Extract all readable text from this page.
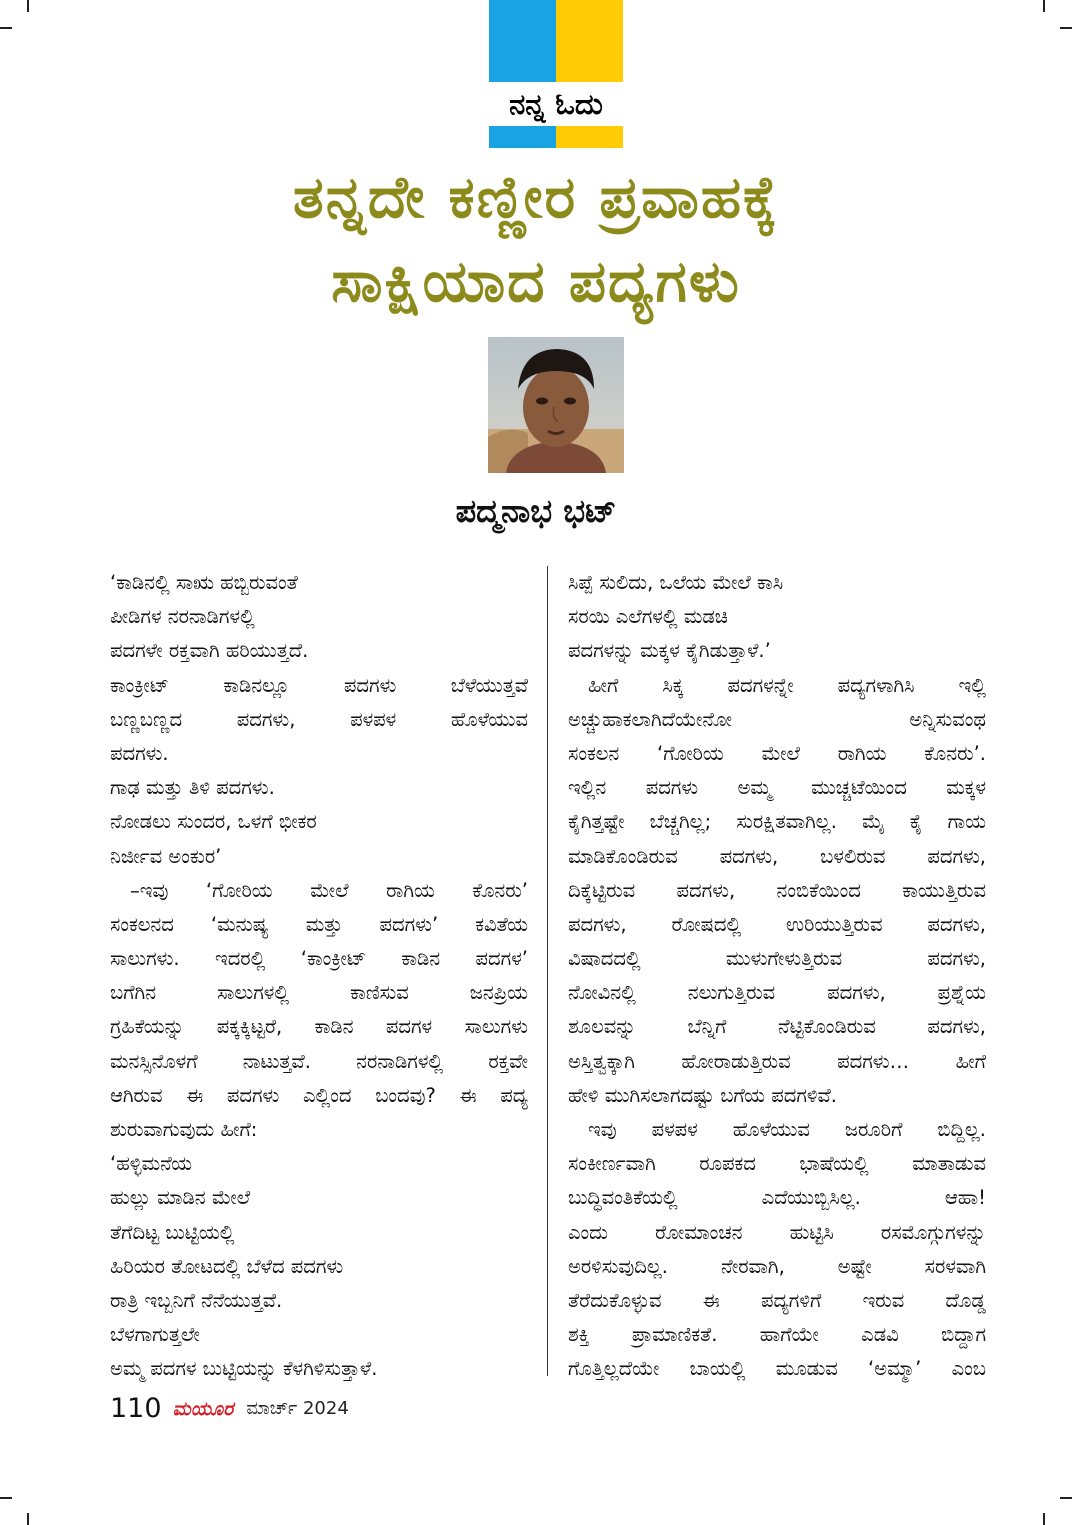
ನನ್ನ ಓದು
ತನ್ನದೇ ಕಣ್ಣೀರ ಪ್ರವಾಹಕ್ಕೆ
ಸಾಕ್ಷಿಯಾದ ಪದ್ಯಗಳು
ಪದ್ಮನಾಭ ಭಟ್
‘ಕಾಡಿನಲ್ಲಿ ಸಾಋ ಹಬ್ಬಿರುವಂತೆ
ಪೀಡಿಗಳ ನರನಾಡಿಗಳಲ್ಲಿ
ಪದಗಳೇ ರಕ್ತವಾಗಿ ಹರಿಯುತ್ತದೆ.
ಕಾಂಕ್ರೀಟ್ ಕಾಡಿನಲ್ಲೂ ಪದಗಳು ಬೆಳೆಯುತ್ತವೆ
ಬಣ್ಣಬಣ್ಣದ ಪದಗಳು, ಪಳಪಳ ಹೊಳೆಯುವ
ಪದಗಳು.
ಗಾಢ ಮತ್ತು ತಿಳಿ ಪದಗಳು.
ನೋಡಲು ಸುಂದರ, ಒಳಗೆ ಭೀಕರ
ನಿರ್ಜೀವ ಅಂಕುರ’
–ಇವು ‘ಗೋರಿಯ ಮೇಲೆ ರಾಗಿಯ ಕೊನರು’
ಸಂಕಲನದ ‘ಮನುಷ್ಯ ಮತ್ತು ಪದಗಳು’ ಕವಿತೆಯ
ಸಾಲುಗಳು. ಇದರಲ್ಲಿ ‘ಕಾಂಕ್ರೀಟ್ ಕಾಡಿನ ಪದಗಳ’
ಬಗೆಗಿನ ಸಾಲುಗಳಲ್ಲಿ ಕಾಣಿಸುವ ಜನಪ್ರಿಯ
ಗ್ರಹಿಕೆಯನ್ನು ಪಕ್ಕಕ್ಕಿಟ್ಟರೆ, ಕಾಡಿನ ಪದಗಳ ಸಾಲುಗಳು
ಮನಸ್ಸಿನೊಳಗೆ ನಾಟುತ್ತವೆ. ನರನಾಡಿಗಳಲ್ಲಿ ರಕ್ತವೇ
ಆಗಿರುವ ಈ ಪದಗಳು ಎಲ್ಲಿಂದ ಬಂದವು? ಈ ಪದ್ಯ
ಶುರುವಾಗುವುದು ಹೀಗೆ:
‘ಹಳ್ಳಿಮನೆಯ
ಹುಲ್ಲು ಮಾಡಿನ ಮೇಲೆ
ತೆಗೆದಿಟ್ಟ ಬುಟ್ಟಿಯಲ್ಲಿ
ಹಿರಿಯರ ತೋಟದಲ್ಲಿ ಬೆಳೆದ ಪದಗಳು
ರಾತ್ರಿ ಇಬ್ಬನಿಗೆ ನೆನೆಯುತ್ತವೆ.
ಬೆಳಗಾಗುತ್ತಲೇ
ಅಮ್ಮ ಪದಗಳ ಬುಟ್ಟಿಯನ್ನು ಕೆಳಗಿಳಿಸುತ್ತಾಳೆ.
ಸಿಪ್ಪೆ ಸುಲಿದು, ಒಲೆಯ ಮೇಲೆ ಕಾಸಿ
ಸರಯಿ ಎಲೆಗಳಲ್ಲಿ ಮಡಚಿ
ಪದಗಳನ್ನು ಮಕ್ಕಳ ಕೈಗಿಡುತ್ತಾಳೆ.’
ಹೀಗೆ ಸಿಕ್ಕ ಪದಗಳನ್ನೇ ಪದ್ಯಗಳಾಗಿಸಿ ಇಲ್ಲಿ
ಅಚ್ಚುಹಾಕಲಾಗಿದೆಯೇನೋ ಅನ್ನಿಸುವಂಥ
ಸಂಕಲನ ‘ಗೋರಿಯ ಮೇಲೆ ರಾಗಿಯ ಕೊನರು’.
ಇಲ್ಲಿನ ಪದಗಳು ಅಮ್ಮ ಮುಚ್ಚಟೆಯಿಂದ ಮಕ್ಕಳ
ಕೈಗಿತ್ತಷ್ಟೇ ಬೆಚ್ಚಗಿಲ್ಲ; ಸುರಕ್ಷಿತವಾಗಿಲ್ಲ. ಮೈ ಕೈ ಗಾಯ
ಮಾಡಿಕೊಂಡಿರುವ ಪದಗಳು, ಬಳಲಿರುವ ಪದಗಳು,
ದಿಕ್ಕೆಟ್ಟಿರುವ ಪದಗಳು, ನಂಬಿಕೆಯಿಂದ ಕಾಯುತ್ತಿರುವ
ಪದಗಳು, ರೋಷದಲ್ಲಿ ಉರಿಯುತ್ತಿರುವ ಪದಗಳು,
ವಿಷಾದದಲ್ಲಿ ಮುಳುಗೇಳುತ್ತಿರುವ ಪದಗಳು,
ನೋವಿನಲ್ಲಿ ನಲುಗುತ್ತಿರುವ ಪದಗಳು, ಪ್ರಶ್ನೆಯ
ಶೂಲವನ್ನು ಬೆನ್ನಿಗೆ ನೆಟ್ಟಿಕೊಂಡಿರುವ ಪದಗಳು,
ಅಸ್ತಿತ್ವಕ್ಕಾಗಿ ಹೋರಾಡುತ್ತಿರುವ ಪದಗಳು… ಹೀಗೆ
ಹೇಳಿ ಮುಗಿಸಲಾಗದಷ್ಟು ಬಗೆಯ ಪದಗಳಿವೆ.
ಇವು ಪಳಪಳ ಹೊಳೆಯುವ ಜರೂರಿಗೆ ಬಿದ್ದಿಲ್ಲ.
ಸಂಕೀರ್ಣವಾಗಿ ರೂಪಕದ ಭಾಷೆಯಲ್ಲಿ ಮಾತಾಡುವ
ಬುದ್ಧಿವಂತಿಕೆಯಲ್ಲಿ ಎದೆಯುಬ್ಬಿಸಿಲ್ಲ. ಆಹಾ!
ಎಂದು ರೋಮಾಂಚನ ಹುಟ್ಟಿಸಿ ರಸಮೊಗ್ಗುಗಳನ್ನು
ಅರಳಿಸುವುದಿಲ್ಲ. ನೇರವಾಗಿ, ಅಷ್ಟೇ ಸರಳವಾಗಿ
ತೆರೆದುಕೊಳ್ಳುವ ಈ ಪದ್ಯಗಳಿಗೆ ಇರುವ ದೊಡ್ಡ
ಶಕ್ತಿ ಪ್ರಾಮಾಣಿಕತೆ. ಹಾಗೆಯೇ ಎಡವಿ ಬಿದ್ದಾಗ
ಗೊತ್ತಿಲ್ಲದೆಯೇ ಬಾಯಲ್ಲಿ ಮೂಡುವ ‘ಅಮ್ಮಾ’ ಎಂಬ
110 ಮಯೂರ ಮಾರ್ಚ್ 2024
